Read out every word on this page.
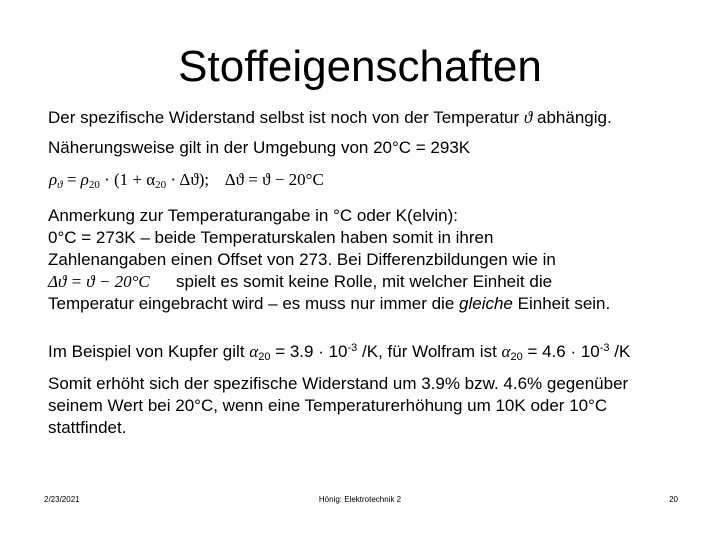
Stoffeigenschaften
Der spezifische Widerstand selbst ist noch von der Temperatur ϑ abhängig.
Näherungsweise gilt in der Umgebung von 20°C = 293K
$\rho_ϑ = \rho_{20} \cdot (1 + \alpha_{20} \cdot \Delta ϑ)$; Δϑ = ϑ − 20°C
Anmerkung zur Temperaturangabe in °C oder K(elvin):
0°C = 273K – beide Temperaturskalen haben somit in ihren
Zahlenangaben einen Offset von 273. Bei Differenzbildungen wie in
Δϑ = ϑ − 20°C spielt es somit keine Rolle, mit welcher Einheit die
Temperatur eingebracht wird – es muss nur immer die gleiche Einheit sein.
Im Beispiel von Kupfer gilt $\alpha_{20} = 3.9 \cdot 10^{-3}$ /K, für Wolfram ist $\alpha_{20} = 4.6 \cdot 10^{-3}$ /K
Somit erhöht sich der spezifische Widerstand um 3.9% bzw. 4.6% gegenüber
seinem Wert bei 20°C, wenn eine Temperaturerhöhung um 10K oder 10°C
stattfindet.
2/23/2021	Hönig: Elektrotechnik 2	20
